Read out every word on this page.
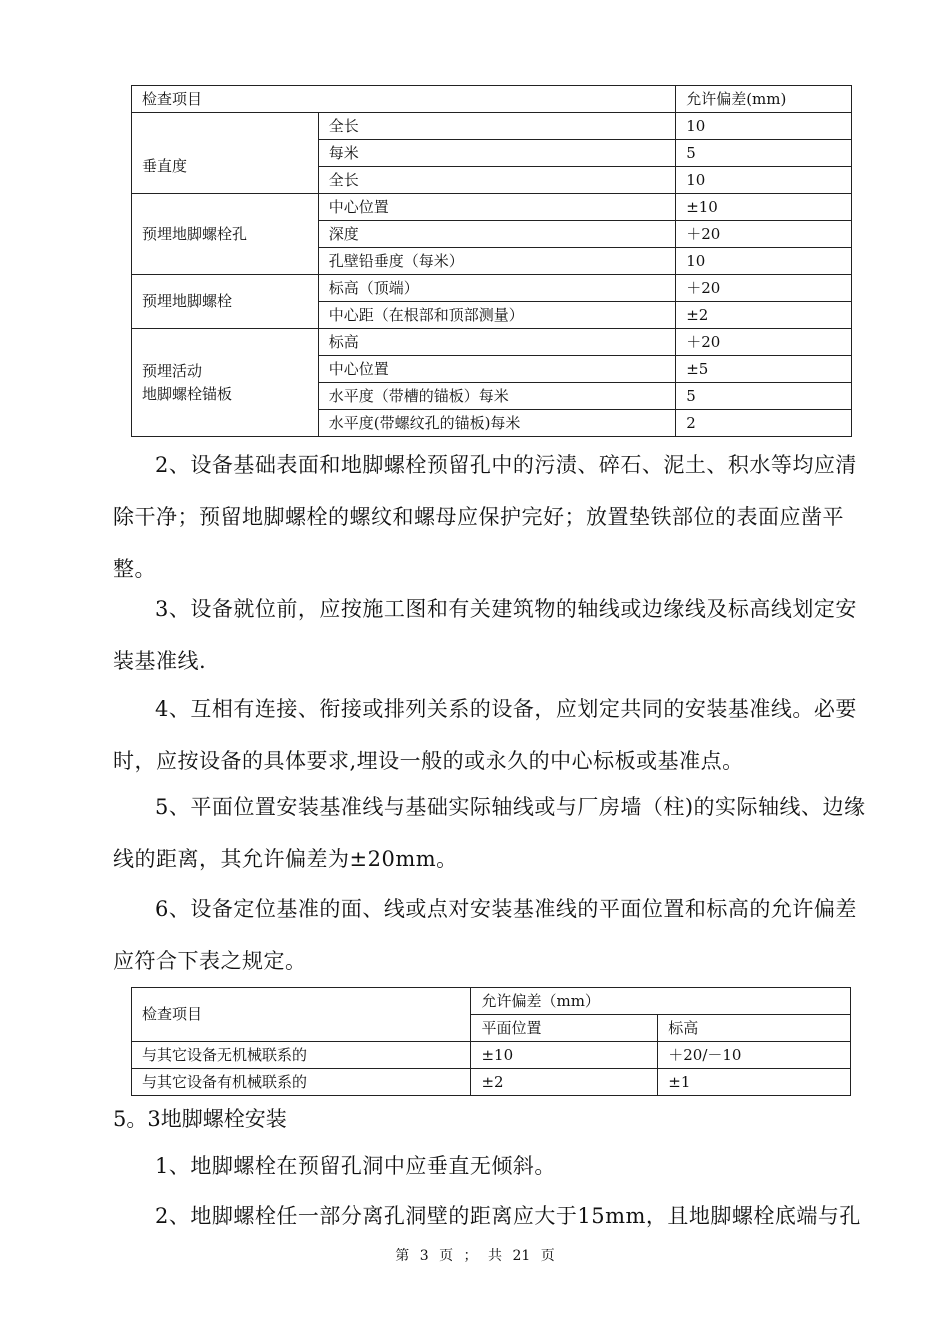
检查项目		允许偏差(mm)
	全长	10
垂直度	每米	5
	全长	10
预埋地脚螺栓孔	中心位置	±10
	深度	＋20
	孔壁铅垂度（每米）	10
预埋地脚螺栓	标高（顶端）	＋20
	中心距（在根部和顶部测量）	±2

预埋活动
地脚螺栓锚板	标高	＋20
	中心位置	±5
	水平度（带槽的锚板）每米	5
	水平度(带螺纹孔的锚板)每米	2

2、设备基础表面和地脚螺栓预留孔中的污渍、碎石、泥土、积水等均应清除干净；预留地脚螺栓的螺纹和螺母应保护完好；放置垫铁部位的表面应凿平整。

3、设备就位前，应按施工图和有关建筑物的轴线或边缘线及标高线划定安装基准线.

4、互相有连接、衔接或排列关系的设备，应划定共同的安装基准线。必要时，应按设备的具体要求,埋设一般的或永久的中心标板或基准点。

5、平面位置安装基准线与基础实际轴线或与厂房墙（柱)的实际轴线、边缘线的距离，其允许偏差为±20mm。

6、设备定位基准的面、线或点对安装基准线的平面位置和标高的允许偏差应符合下表之规定。

检查项目	允许偏差（mm）	
	平面位置	标高
与其它设备无机械联系的	±10	＋20/－10
与其它设备有机械联系的	±2	±1

5。3地脚螺栓安装

1、地脚螺栓在预留孔洞中应垂直无倾斜。

2、地脚螺栓任一部分离孔洞壁的距离应大于15mm，且地脚螺栓底端与孔

第 3 页 ； 共 21 页
